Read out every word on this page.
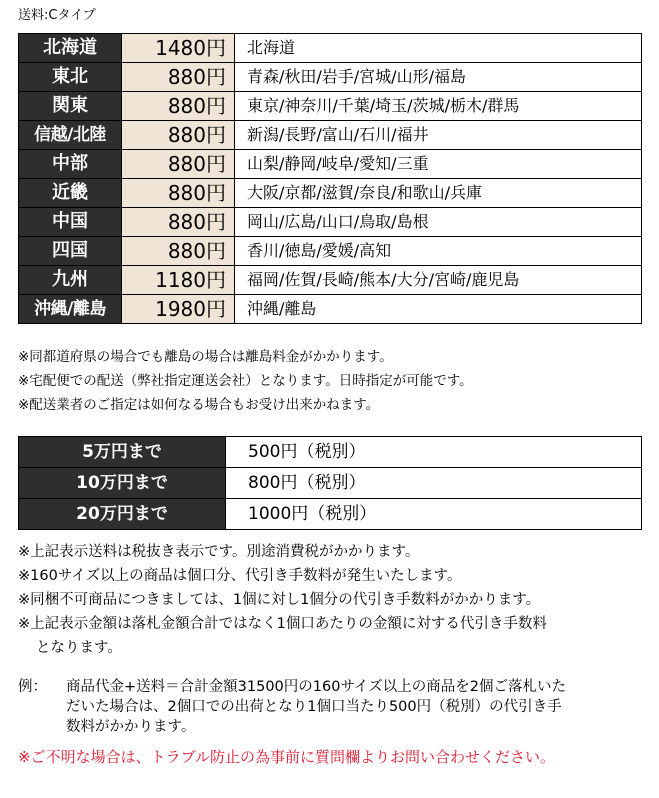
送料:Cタイプ
北海道	1480円	北海道
東北	880円	青森/秋田/岩手/宮城/山形/福島
関東	880円	東京/神奈川/千葉/埼玉/茨城/栃木/群馬
信越/北陸	880円	新潟/長野/富山/石川/福井
中部	880円	山梨/静岡/岐阜/愛知/三重
近畿	880円	大阪/京都/滋賀/奈良/和歌山/兵庫
中国	880円	岡山/広島/山口/鳥取/島根
四国	880円	香川/徳島/愛媛/高知
九州	1180円	福岡/佐賀/長崎/熊本/大分/宮崎/鹿児島
沖縄/離島	1980円	沖縄/離島
※同都道府県の場合でも離島の場合は離島料金がかかります。
※宅配便での配送（弊社指定運送会社）となります。日時指定が可能です。
※配送業者のご指定は如何なる場合もお受け出来かねます。
5万円まで	500円（税別）
10万円まで	800円（税別）
20万円まで	1000円（税別）
※上記表示送料は税抜き表示です。別途消費税がかかります。
※160サイズ以上の商品は個口分、代引き手数料が発生いたします。
※同梱不可商品につきましては、1個に対し1個分の代引き手数料がかかります。
※上記表示金額は落札金額合計ではなく1個口あたりの金額に対する代引き手数料
となります。
例： 商品代金+送料＝合計金額31500円の160サイズ以上の商品を2個ご落札いた
だいた場合は、2個口での出荷となり1個口当たり500円（税別）の代引き手
数料がかかります。
※ご不明な場合は、トラブル防止の為事前に質問欄よりお問い合わせください。
